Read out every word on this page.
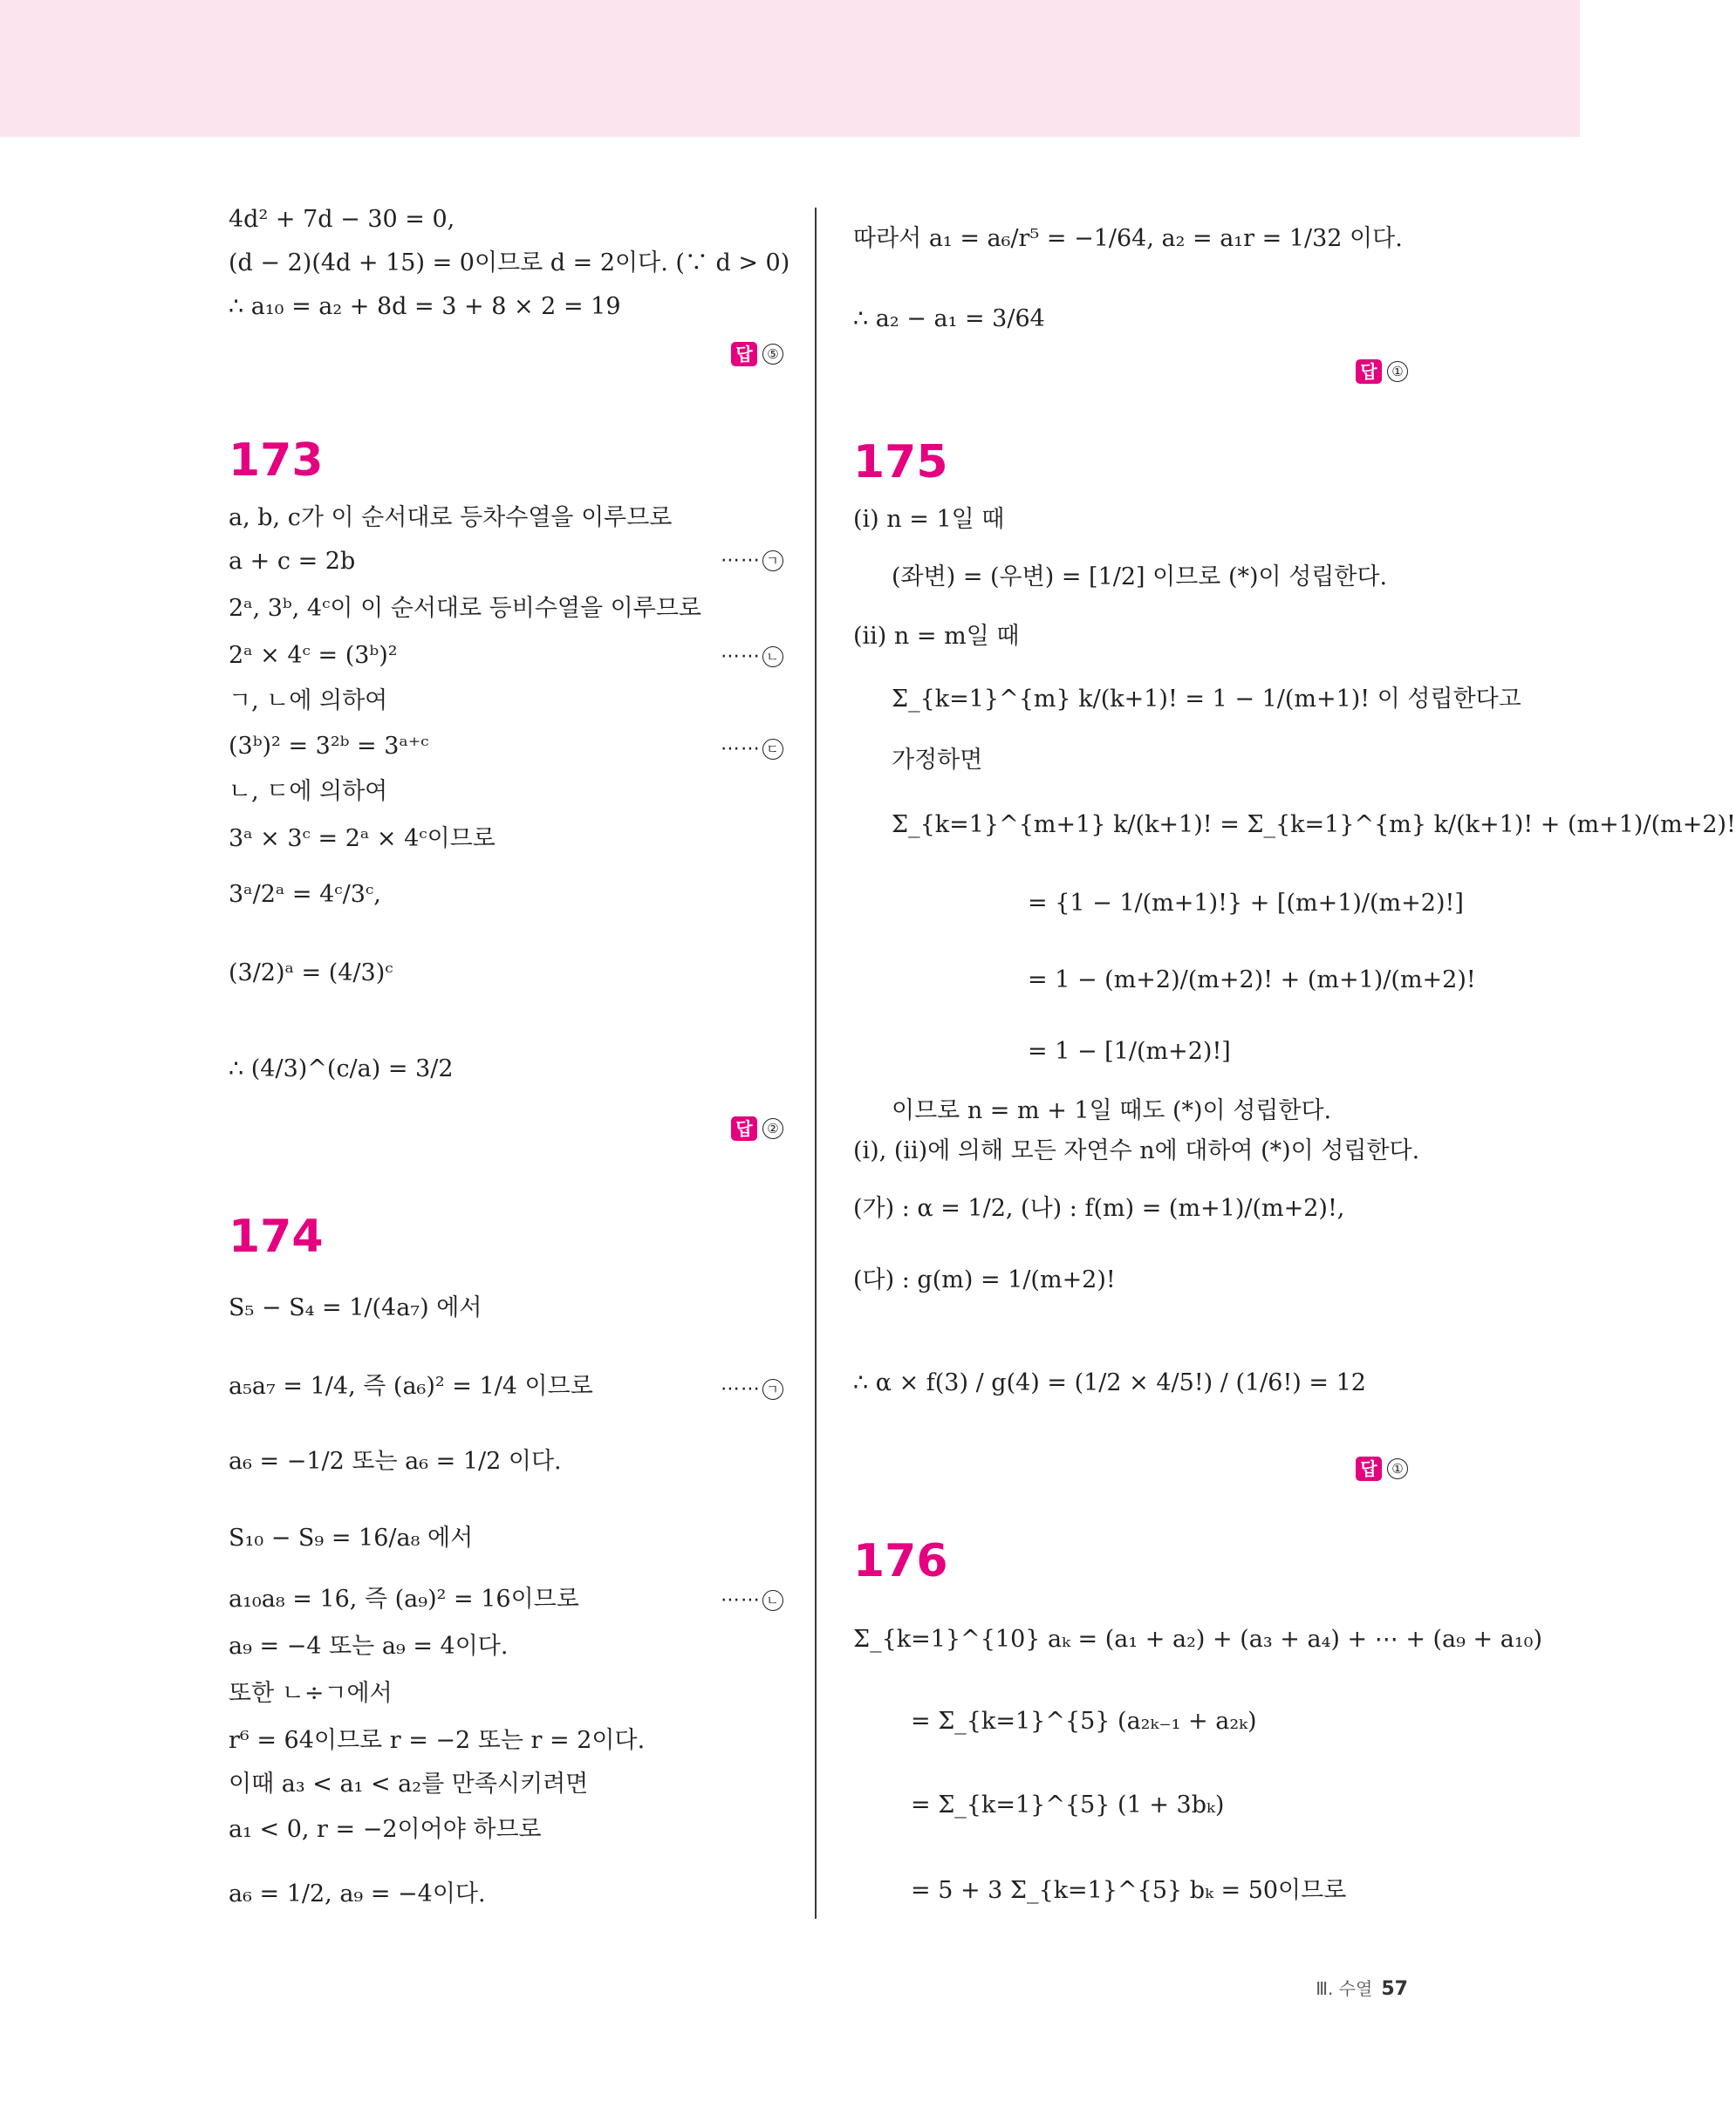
4d² + 7d − 30 = 0,
(d − 2)(4d + 15) = 0이므로 d = 2이다. (∵ d > 0)
∴ a₁₀ = a₂ + 8d = 3 + 8 × 2 = 19
답	⑤
173
a, b, c가 이 순서대로 등차수열을 이루므로
a + c = 2b	⋯⋯ ㄱ
2ᵃ, 3ᵇ, 4ᶜ이 이 순서대로 등비수열을 이루므로
2ᵃ × 4ᶜ = (3ᵇ)²	⋯⋯ ㄴ
ㄱ, ㄴ에 의하여
(3ᵇ)² = 3²ᵇ = 3ᵃ⁺ᶜ	⋯⋯ ㄷ
ㄴ, ㄷ에 의하여
3ᵃ × 3ᶜ = 2ᵃ × 4ᶜ이므로
3ᵃ/2ᵃ = 4ᶜ/3ᶜ,
(3/2)ᵃ = (4/3)ᶜ
∴ (4/3)^(c/a) = 3/2
답	②
174
S₅ − S₄ = 1/(4a₇) 에서
a₅a₇ = 1/4, 즉 (a₆)² = 1/4 이므로	⋯⋯ ㄱ
a₆ = −1/2 또는 a₆ = 1/2 이다.
S₁₀ − S₉ = 16/a₈ 에서
a₁₀a₈ = 16, 즉 (a₉)² = 16이므로	⋯⋯ ㄴ
a₉ = −4 또는 a₉ = 4이다.
또한 ㄴ÷ㄱ에서
r⁶ = 64이므로 r = −2 또는 r = 2이다.
이때 a₃ < a₁ < a₂를 만족시키려면
a₁ < 0, r = −2이어야 하므로
a₆ = 1/2, a₉ = −4이다.
따라서 a₁ = a₆/r⁵ = −1/64, a₂ = a₁r = 1/32 이다.
∴ a₂ − a₁ = 3/64
답	①
175
(ⅰ) n = 1일 때
(좌변) = (우변) = [1/2] 이므로 (*)이 성립한다.
(ⅱ) n = m일 때
Σ_{k=1}^{m} k/(k+1)! = 1 − 1/(m+1)! 이 성립한다고
가정하면
Σ_{k=1}^{m+1} k/(k+1)! = Σ_{k=1}^{m} k/(k+1)! + (m+1)/(m+2)!
= {1 − 1/(m+1)!} + [(m+1)/(m+2)!]
= 1 − (m+2)/(m+2)! + (m+1)/(m+2)!
= 1 − [1/(m+2)!]
이므로 n = m + 1일 때도 (*)이 성립한다.
(ⅰ), (ⅱ)에 의해 모든 자연수 n에 대하여 (*)이 성립한다.
(가) : α = 1/2, (나) : f(m) = (m+1)/(m+2)!,
(다) : g(m) = 1/(m+2)!
∴ α × f(3) / g(4) = (1/2 × 4/5!) / (1/6!) = 12
답	①
176
Σ_{k=1}^{10} aₖ = (a₁ + a₂) + (a₃ + a₄) + ⋯ + (a₉ + a₁₀)
= Σ_{k=1}^{5} (a₂ₖ₋₁ + a₂ₖ)
= Σ_{k=1}^{5} (1 + 3bₖ)
= 5 + 3 Σ_{k=1}^{5} bₖ = 50이므로
Ⅲ. 수열 57
